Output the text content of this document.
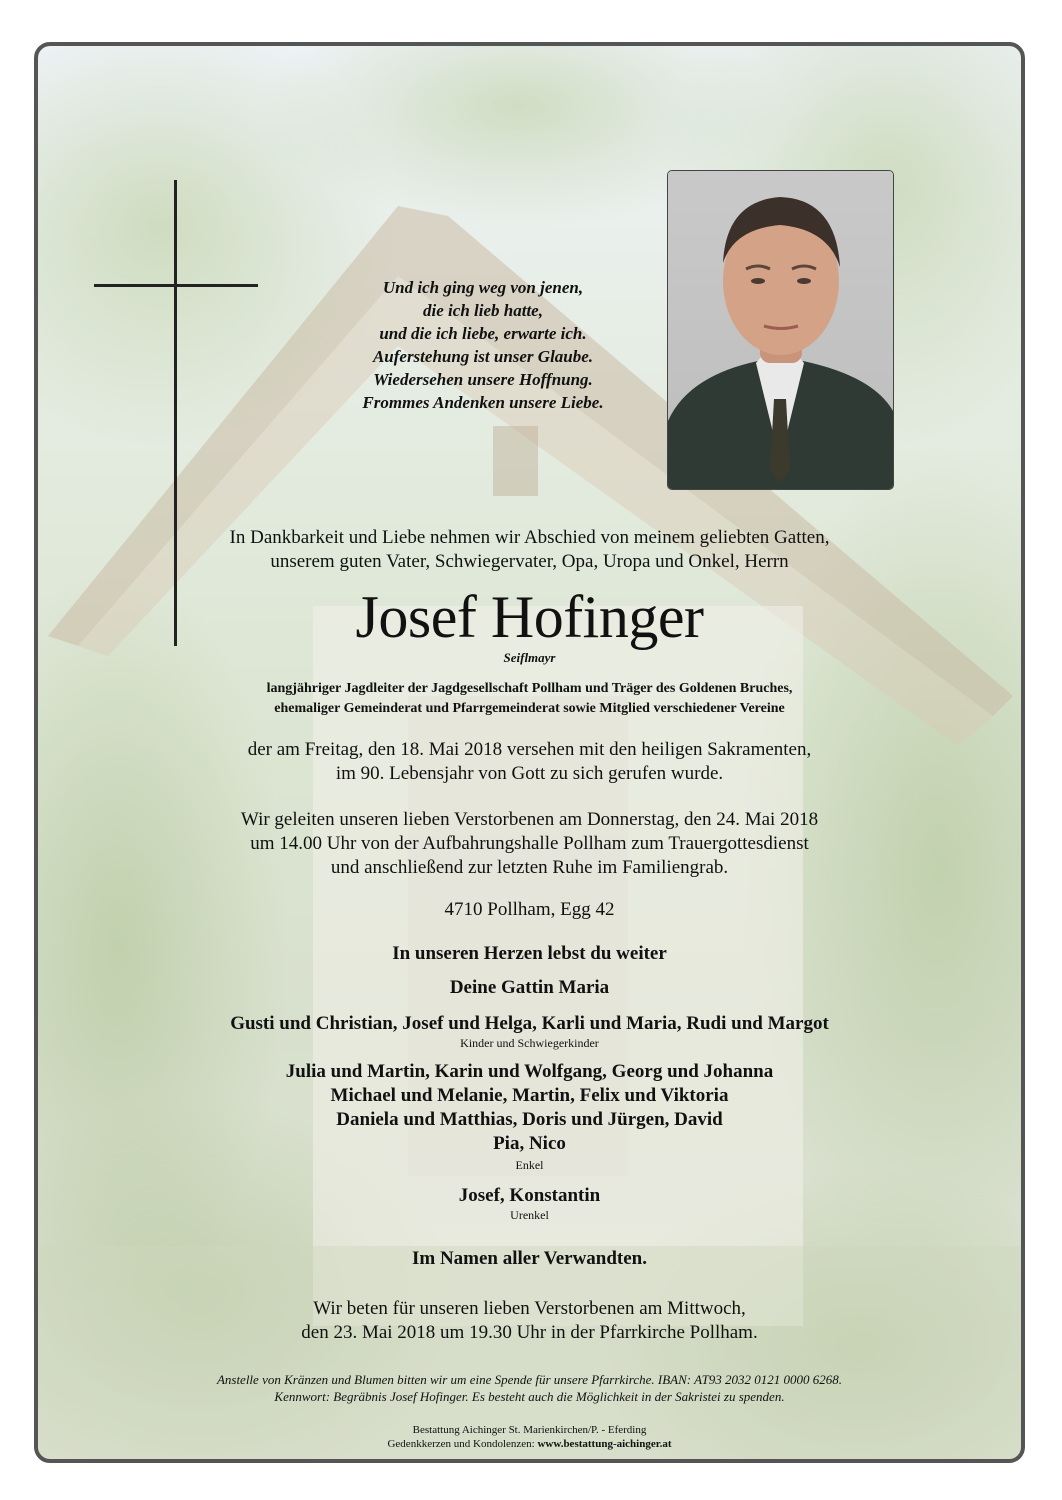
Und ich ging weg von jenen,
die ich lieb hatte,
und die ich liebe, erwarte ich.
Auferstehung ist unser Glaube.
Wiedersehen unsere Hoffnung.
Frommes Andenken unsere Liebe.
In Dankbarkeit und Liebe nehmen wir Abschied von meinem geliebten Gatten,
unserem guten Vater, Schwiegervater, Opa, Uropa und Onkel, Herrn
Josef Hofinger
Seiflmayr
langjähriger Jagdleiter der Jagdgesellschaft Pollham und Träger des Goldenen Bruches,
ehemaliger Gemeinderat und Pfarrgemeinderat sowie Mitglied verschiedener Vereine
der am Freitag, den 18. Mai 2018 versehen mit den heiligen Sakramenten,
im 90. Lebensjahr von Gott zu sich gerufen wurde.
Wir geleiten unseren lieben Verstorbenen am Donnerstag, den 24. Mai 2018
um 14.00 Uhr von der Aufbahrungshalle Pollham zum Trauergottesdienst
und anschließend zur letzten Ruhe im Familiengrab.
4710 Pollham, Egg 42
In unseren Herzen lebst du weiter
Deine Gattin Maria
Gusti und Christian, Josef und Helga, Karli und Maria, Rudi und Margot
Kinder und Schwiegerkinder
Julia und Martin, Karin und Wolfgang, Georg und Johanna
Michael und Melanie, Martin, Felix und Viktoria
Daniela und Matthias, Doris und Jürgen, David
Pia, Nico
Enkel
Josef, Konstantin
Urenkel
Im Namen aller Verwandten.
Wir beten für unseren lieben Verstorbenen am Mittwoch,
den 23. Mai 2018 um 19.30 Uhr in der Pfarrkirche Pollham.
Anstelle von Kränzen und Blumen bitten wir um eine Spende für unsere Pfarrkirche. IBAN: AT93 2032 0121 0000 6268.
Kennwort: Begräbnis Josef Hofinger. Es besteht auch die Möglichkeit in der Sakristei zu spenden.
Bestattung Aichinger St. Marienkirchen/P. - Eferding
Gedenkkerzen und Kondolenzen: www.bestattung-aichinger.at
